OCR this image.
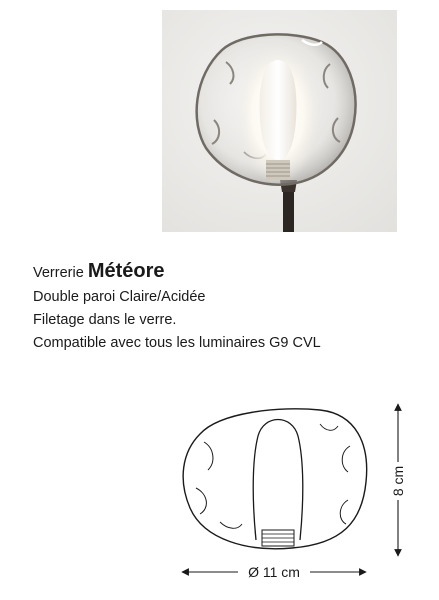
Verrerie Météore
Double paroi Claire/Acidée
Filetage dans le verre.
Compatible avec tous les luminaires G9 CVL
8 cm
Ø 11 cm
